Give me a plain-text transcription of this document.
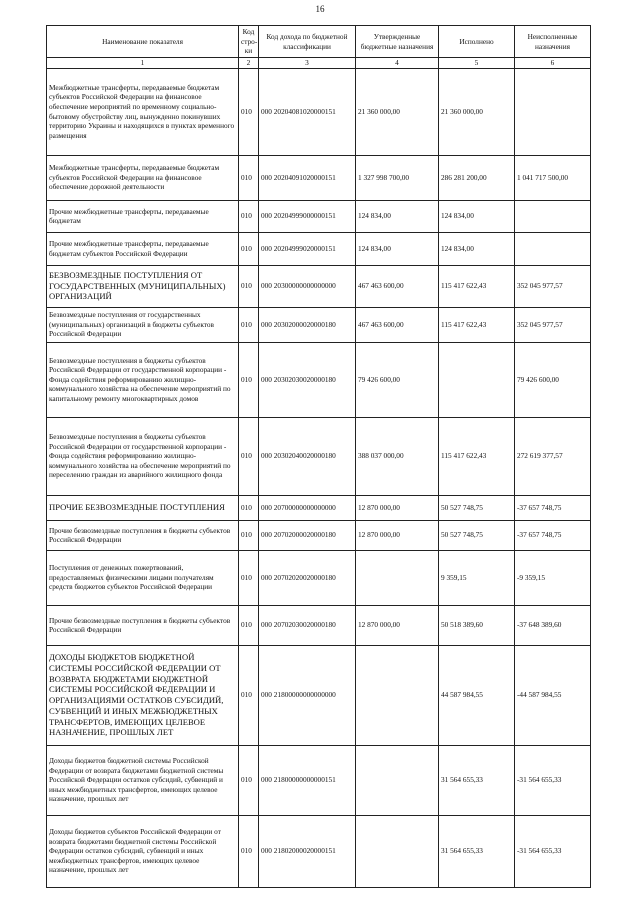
16
Наименование показателя	Код стро-ки	Код дохода по бюджетной классификации	Утвержденные бюджетные назначения	Исполнено	Неисполненные назначения
1	2	3	4	5	6
Межбюджетные трансферты, передаваемые бюджетам субъектов Российской Федерации на финансовое обеспечение мероприятий по временному социально-бытовому обустройству лиц, вынужденно покинувших территорию Украины и находящихся в пунктах временного размещения	010	000 20204081020000151	21 360 000,00	21 360 000,00	
Межбюджетные трансферты, передаваемые бюджетам субъектов Российской Федерации на финансовое обеспечение дорожной деятельности	010	000 20204091020000151	1 327 998 700,00	286 281 200,00	1 041 717 500,00
Прочие межбюджетные трансферты, передаваемые бюджетам	010	000 20204999000000151	124 834,00	124 834,00	
Прочие межбюджетные трансферты, передаваемые бюджетам субъектов Российской Федерации	010	000 20204999020000151	124 834,00	124 834,00	
БЕЗВОЗМЕЗДНЫЕ ПОСТУПЛЕНИЯ ОТ ГОСУДАРСТВЕННЫХ (МУНИЦИПАЛЬНЫХ) ОРГАНИЗАЦИЙ	010	000 20300000000000000	467 463 600,00	115 417 622,43	352 045 977,57
Безвозмездные поступления от государственных (муниципальных) организаций в бюджеты субъектов Российской Федерации	010	000 20302000020000180	467 463 600,00	115 417 622,43	352 045 977,57
Безвозмездные поступления в бюджеты субъектов Российской Федерации от государственной корпорации - Фонда содействия реформированию жилищно-коммунального хозяйства на обеспечение мероприятий по капитальному ремонту многоквартирных домов	010	000 20302030020000180	79 426 600,00		79 426 600,00
Безвозмездные поступления в бюджеты субъектов Российской Федерации от государственной корпорации - Фонда содействия реформированию жилищно-коммунального хозяйства на обеспечение мероприятий по переселению граждан из аварийного жилищного фонда	010	000 20302040020000180	388 037 000,00	115 417 622,43	272 619 377,57
ПРОЧИЕ БЕЗВОЗМЕЗДНЫЕ ПОСТУПЛЕНИЯ	010	000 20700000000000000	12 870 000,00	50 527 748,75	-37 657 748,75
Прочие безвозмездные поступления в бюджеты субъектов Российской Федерации	010	000 20702000020000180	12 870 000,00	50 527 748,75	-37 657 748,75
Поступления от денежных пожертвований, предоставляемых физическими лицами получателям средств бюджетов субъектов Российской Федерации	010	000 20702020020000180		9 359,15	-9 359,15
Прочие безвозмездные поступления в бюджеты субъектов Российской Федерации	010	000 20702030020000180	12 870 000,00	50 518 389,60	-37 648 389,60
ДОХОДЫ БЮДЖЕТОВ БЮДЖЕТНОЙ СИСТЕМЫ РОССИЙСКОЙ ФЕДЕРАЦИИ ОТ ВОЗВРАТА БЮДЖЕТАМИ БЮДЖЕТНОЙ СИСТЕМЫ РОССИЙСКОЙ ФЕДЕРАЦИИ И ОРГАНИЗАЦИЯМИ ОСТАТКОВ СУБСИДИЙ, СУБВЕНЦИЙ И ИНЫХ МЕЖБЮДЖЕТНЫХ ТРАНСФЕРТОВ, ИМЕЮЩИХ ЦЕЛЕВОЕ НАЗНАЧЕНИЕ, ПРОШЛЫХ ЛЕТ	010	000 21800000000000000		44 587 984,55	-44 587 984,55
Доходы бюджетов бюджетной системы Российской Федерации от возврата бюджетами бюджетной системы Российской Федерации остатков субсидий, субвенций и иных межбюджетных трансфертов, имеющих целевое назначение, прошлых лет	010	000 21800000000000151		31 564 655,33	-31 564 655,33
Доходы бюджетов субъектов Российской Федерации от возврата бюджетами бюджетной системы Российской Федерации остатков субсидий, субвенций и иных межбюджетных трансфертов, имеющих целевое назначение, прошлых лет	010	000 21802000020000151		31 564 655,33	-31 564 655,33
